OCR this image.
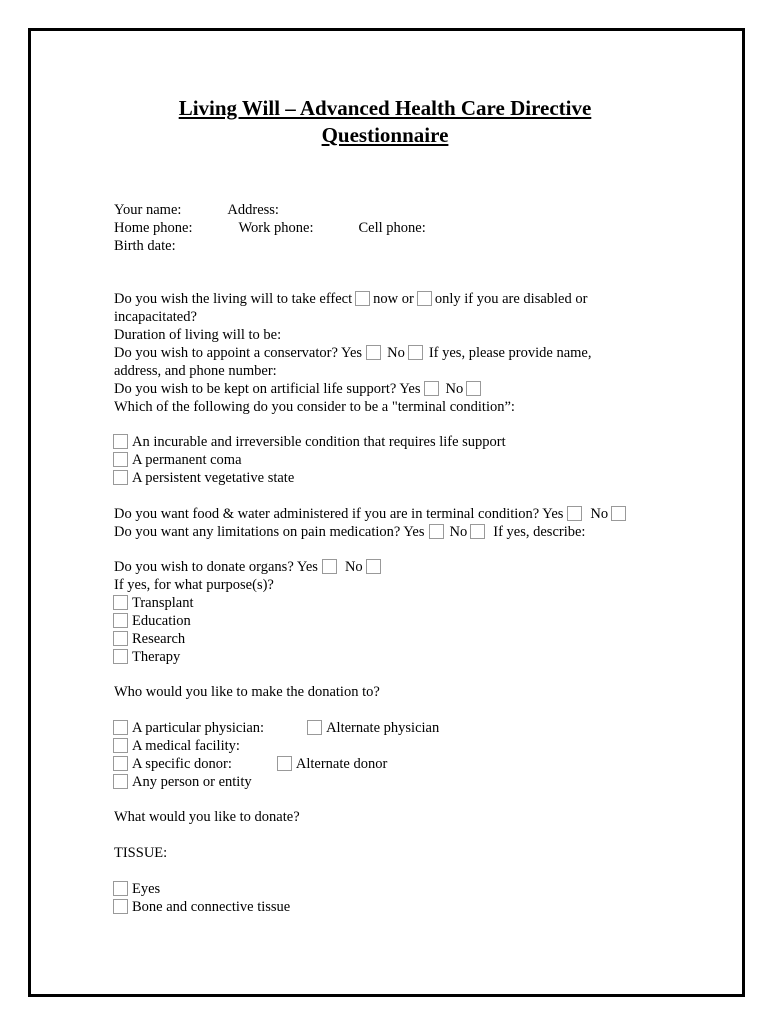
Living Will – Advanced Health Care Directive
Questionnaire
Your name:	Address:
Home phone:	Work phone:	Cell phone:
Birth date:
Do you wish the living will to take effect now or only if you are disabled or
incapacitated?
Duration of living will to be:
Do you wish to appoint a conservator? Yes No If yes, please provide name,
address, and phone number:
Do you wish to be kept on artificial life support? Yes No
Which of the following do you consider to be a "terminal condition”:
An incurable and irreversible condition that requires life support
A permanent coma
A persistent vegetative state
Do you want food & water administered if you are in terminal condition? Yes No
Do you want any limitations on pain medication? Yes No If yes, describe:
Do you wish to donate organs? Yes No
If yes, for what purpose(s)?
Transplant
Education
Research
Therapy
Who would you like to make the donation to?
A particular physician:	Alternate physician
A medical facility:
A specific donor:	Alternate donor
Any person or entity
What would you like to donate?
TISSUE:
Eyes
Bone and connective tissue
